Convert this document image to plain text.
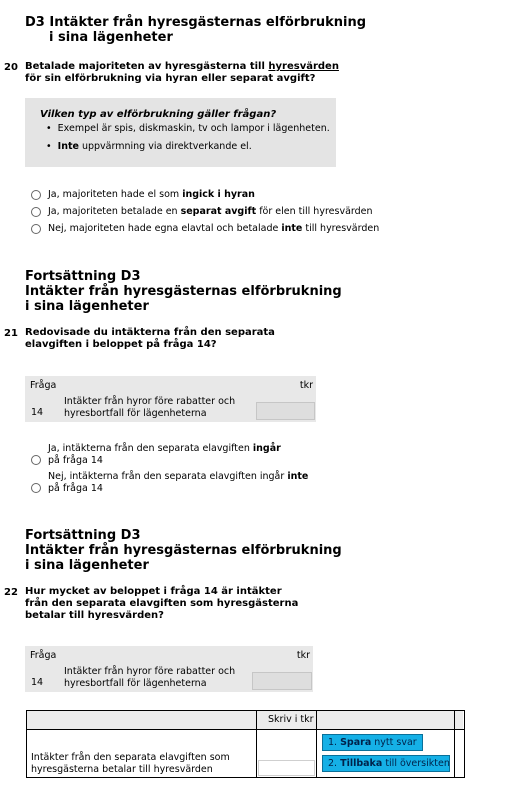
D3 Intäkter från hyresgästernas elförbrukning
i sina lägenheter
20 Betalade majoriteten av hyresgästerna till hyresvärden
för sin elförbrukning via hyran eller separat avgift?
Vilken typ av elförbrukning gäller frågan?
• Exempel är spis, diskmaskin, tv och lampor i lägenheten.
• Inte uppvärmning via direktverkande el.
Ja, majoriteten hade el som ingick i hyran
Ja, majoriteten betalade en separat avgift för elen till hyresvärden
Nej, majoriteten hade egna elavtal och betalade inte till hyresvärden
Fortsättning D3
Intäkter från hyresgästernas elförbrukning
i sina lägenheter
21 Redovisade du intäkterna från den separata
elavgiften i beloppet på fråga 14?
Fråga	tkr
14
Intäkter från hyror före rabatter och
hyresbortfall för lägenheterna
Ja, intäkterna från den separata elavgiften ingår
på fråga 14
Nej, intäkterna från den separata elavgiften ingår inte
på fråga 14
Fortsättning D3
Intäkter från hyresgästernas elförbrukning
i sina lägenheter
22 Hur mycket av beloppet i fråga 14 är intäkter
från den separata elavgiften som hyresgästerna
betalar till hyresvärden?
Fråga	tkr
14
Intäkter från hyror före rabatter och
hyresbortfall för lägenheterna
Skriv i tkr
Intäkter från den separata elavgiften som
hyresgästerna betalar till hyresvärden
1. Spara nytt svar
2. Tillbaka till översikten
